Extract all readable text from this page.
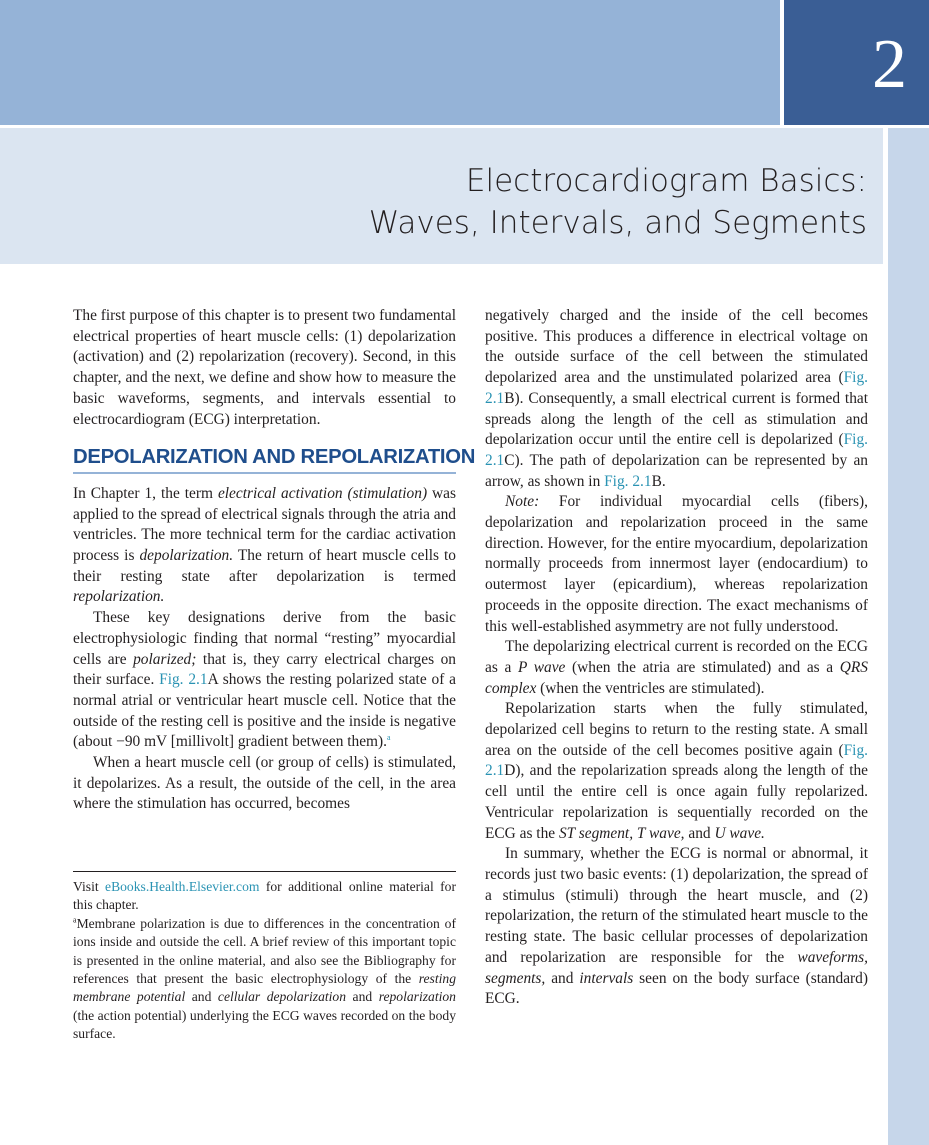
2
Electrocardiogram Basics:
Waves, Intervals, and Segments

The first purpose of this chapter is to present two fundamental electrical properties of heart muscle cells: (1) depolarization (activation) and (2) repolarization (recovery). Second, in this chapter, and the next, we define and show how to measure the basic waveforms, segments, and intervals essential to electrocardiogram (ECG) interpretation.

DEPOLARIZATION AND REPOLARIZATION

In Chapter 1, the term electrical activation (stimulation) was applied to the spread of electrical signals through the atria and ventricles. The more technical term for the cardiac activation process is depolarization. The return of heart muscle cells to their resting state after depolarization is termed repolarization.

These key designations derive from the basic electrophysiologic finding that normal “resting” myocardial cells are polarized; that is, they carry electrical charges on their surface. Fig. 2.1A shows the resting polarized state of a normal atrial or ventricular heart muscle cell. Notice that the outside of the resting cell is positive and the inside is negative (about −90 mV [millivolt] gradient between them).$^a$

When a heart muscle cell (or group of cells) is stimulated, it depolarizes. As a result, the outside of the cell, in the area where the stimulation has occurred, becomes

Visit eBooks.Health.Elsevier.com for additional online material for this chapter.

$^a$Membrane polarization is due to differences in the concentration of ions inside and outside the cell. A brief review of this important topic is presented in the online material, and also see the Bibliography for references that present the basic electrophysiology of the resting membrane potential and cellular depolarization and repolarization (the action potential) underlying the ECG waves recorded on the body surface.

negatively charged and the inside of the cell becomes positive. This produces a difference in electrical voltage on the outside surface of the cell between the stimulated depolarized area and the unstimulated polarized area (Fig. 2.1B). Consequently, a small electrical current is formed that spreads along the length of the cell as stimulation and depolarization occur until the entire cell is depolarized (Fig. 2.1C). The path of depolarization can be represented by an arrow, as shown in Fig. 2.1B.

Note: For individual myocardial cells (fibers), depolarization and repolarization proceed in the same direction. However, for the entire myocardium, depolarization normally proceeds from innermost layer (endocardium) to outermost layer (epicardium), whereas repolarization proceeds in the opposite direction. The exact mechanisms of this well-established asymmetry are not fully understood.

The depolarizing electrical current is recorded on the ECG as a P wave (when the atria are stimulated) and as a QRS complex (when the ventricles are stimulated).

Repolarization starts when the fully stimulated, depolarized cell begins to return to the resting state. A small area on the outside of the cell becomes positive again (Fig. 2.1D), and the repolarization spreads along the length of the cell until the entire cell is once again fully repolarized. Ventricular repolarization is sequentially recorded on the ECG as the ST segment, T wave, and U wave.

In summary, whether the ECG is normal or abnormal, it records just two basic events: (1) depolarization, the spread of a stimulus (stimuli) through the heart muscle, and (2) repolarization, the return of the stimulated heart muscle to the resting state. The basic cellular processes of depolarization and repolarization are responsible for the waveforms, segments, and intervals seen on the body surface (standard) ECG.
